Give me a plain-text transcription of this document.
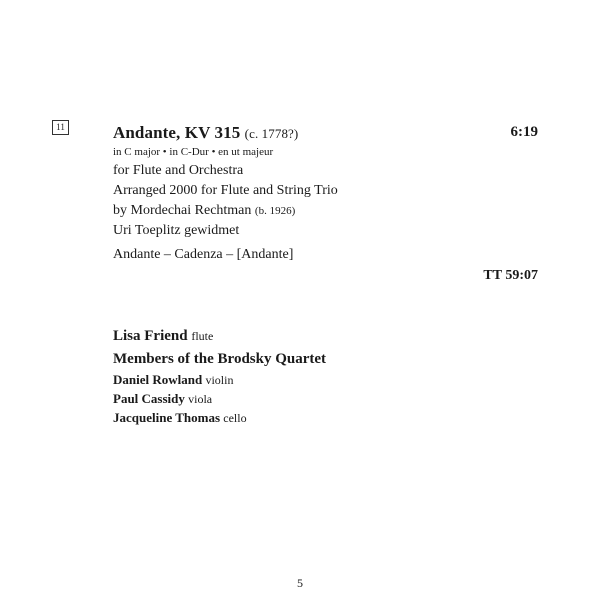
11	Andante, KV 315 (c. 1778?)	6:19
in C major • in C-Dur • en ut majeur
for Flute and Orchestra
Arranged 2000 for Flute and String Trio
by Mordechai Rechtman (b. 1926)
Uri Toeplitz gewidmet
Andante – Cadenza – [Andante]
TT 59:07
Lisa Friend flute
Members of the Brodsky Quartet
Daniel Rowland violin
Paul Cassidy viola
Jacqueline Thomas cello
5
